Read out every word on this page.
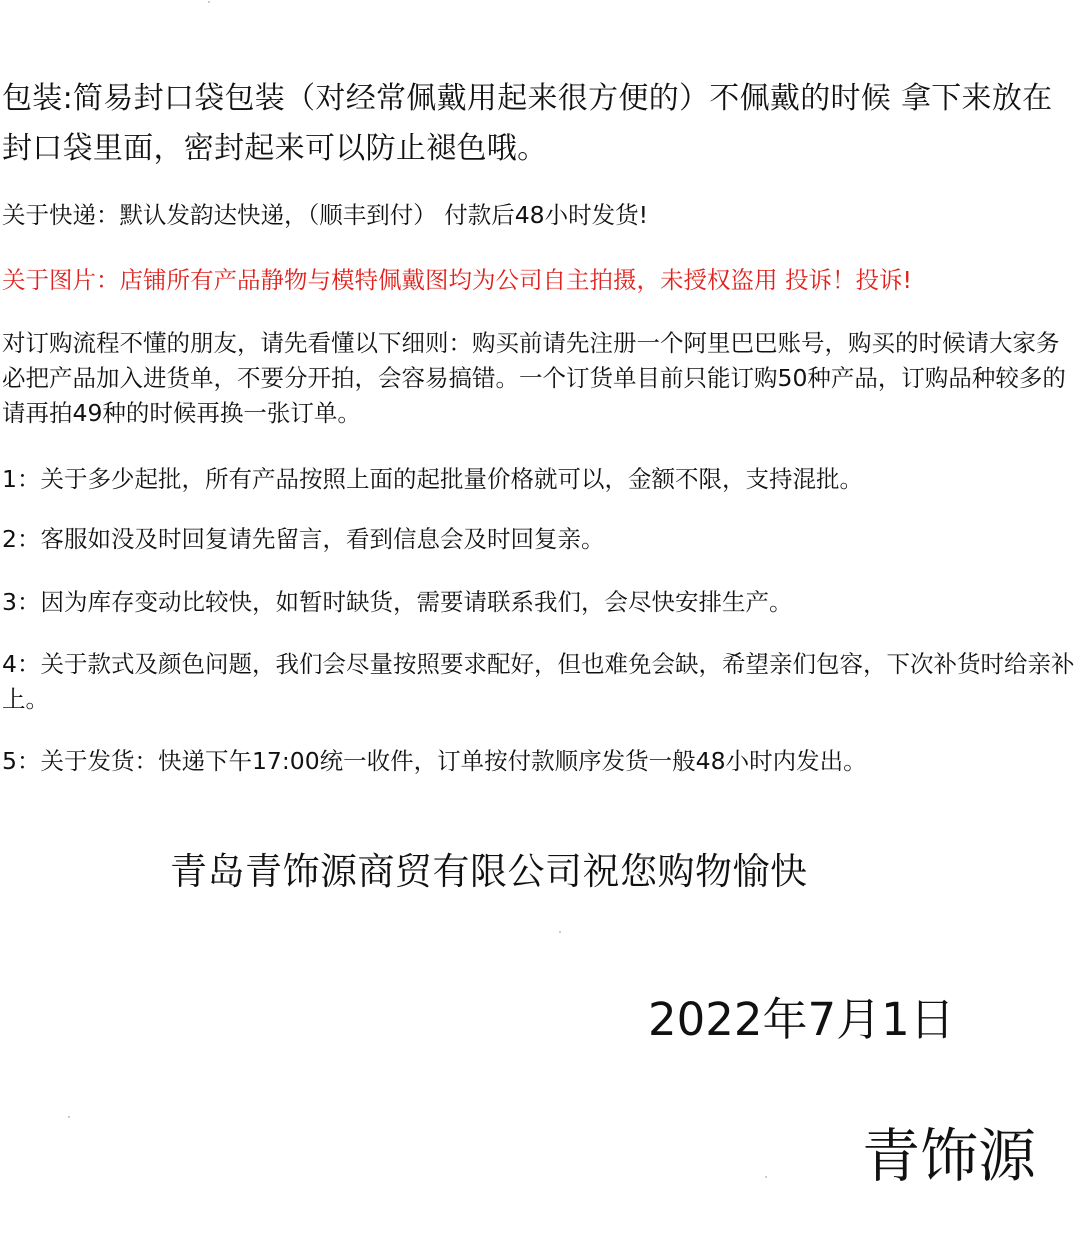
包装:简易封口袋包装（对经常佩戴用起来很方便的）不佩戴的时候 拿下来放在封口袋里面，密封起来可以防止褪色哦。

关于快递：默认发韵达快递，（顺丰到付） 付款后48小时发货!

关于图片：店铺所有产品静物与模特佩戴图均为公司自主拍摄，未授权盗用 投诉！投诉!

对订购流程不懂的朋友，请先看懂以下细则：购买前请先注册一个阿里巴巴账号，购买的时候请大家务必把产品加入进货单，不要分开拍，会容易搞错。一个订货单目前只能订购50种产品，订购品种较多的请再拍49种的时候再换一张订单。

1：关于多少起批，所有产品按照上面的起批量价格就可以，金额不限，支持混批。

2：客服如没及时回复请先留言，看到信息会及时回复亲。

3：因为库存变动比较快，如暂时缺货，需要请联系我们，会尽快安排生产。

4：关于款式及颜色问题，我们会尽量按照要求配好，但也难免会缺，希望亲们包容，下次补货时给亲补上。

5：关于发货：快递下午17:00统一收件，订单按付款顺序发货一般48小时内发出。

青岛青饰源商贸有限公司祝您购物愉快
2022年7月1日
青饰源
